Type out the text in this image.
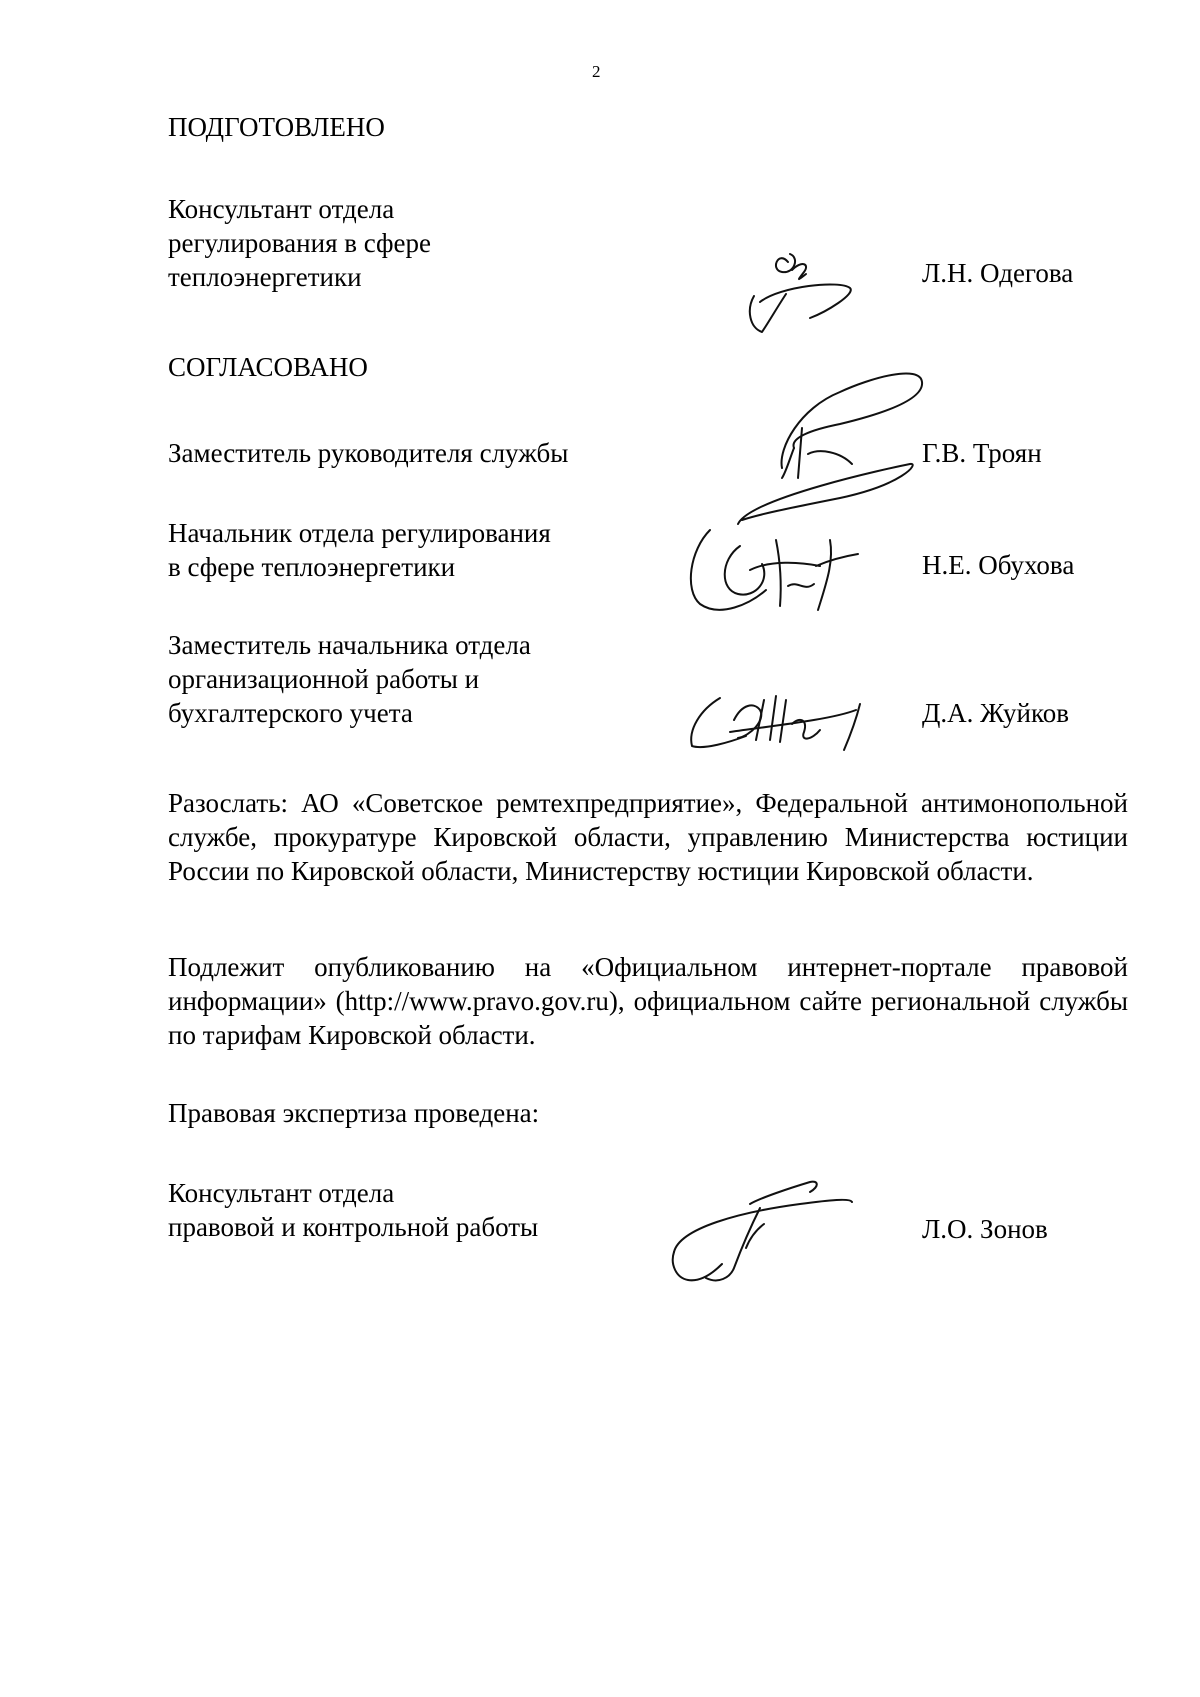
2
ПОДГОТОВЛЕНО
Консультант отдела
регулирования в сфере
теплоэнергетики	Л.Н. Одегова
СОГЛАСОВАНО
Заместитель руководителя службы	Г.В. Троян
Начальник отдела регулирования
в сфере теплоэнергетики	Н.Е. Обухова
Заместитель начальника отдела
организационной работы и
бухгалтерского учета	Д.А. Жуйков
Разослать: АО «Советское ремтехпредприятие», Федеральной антимонопольной службе, прокуратуре Кировской области, управлению Министерства юстиции России по Кировской области, Министерству юстиции Кировской области.
Подлежит опубликованию на «Официальном интернет-портале правовой информации» (http://www.pravo.gov.ru), официальном сайте региональной службы по тарифам Кировской области.
Правовая экспертиза проведена:
Консультант отдела
правовой и контрольной работы	Л.О. Зонов
